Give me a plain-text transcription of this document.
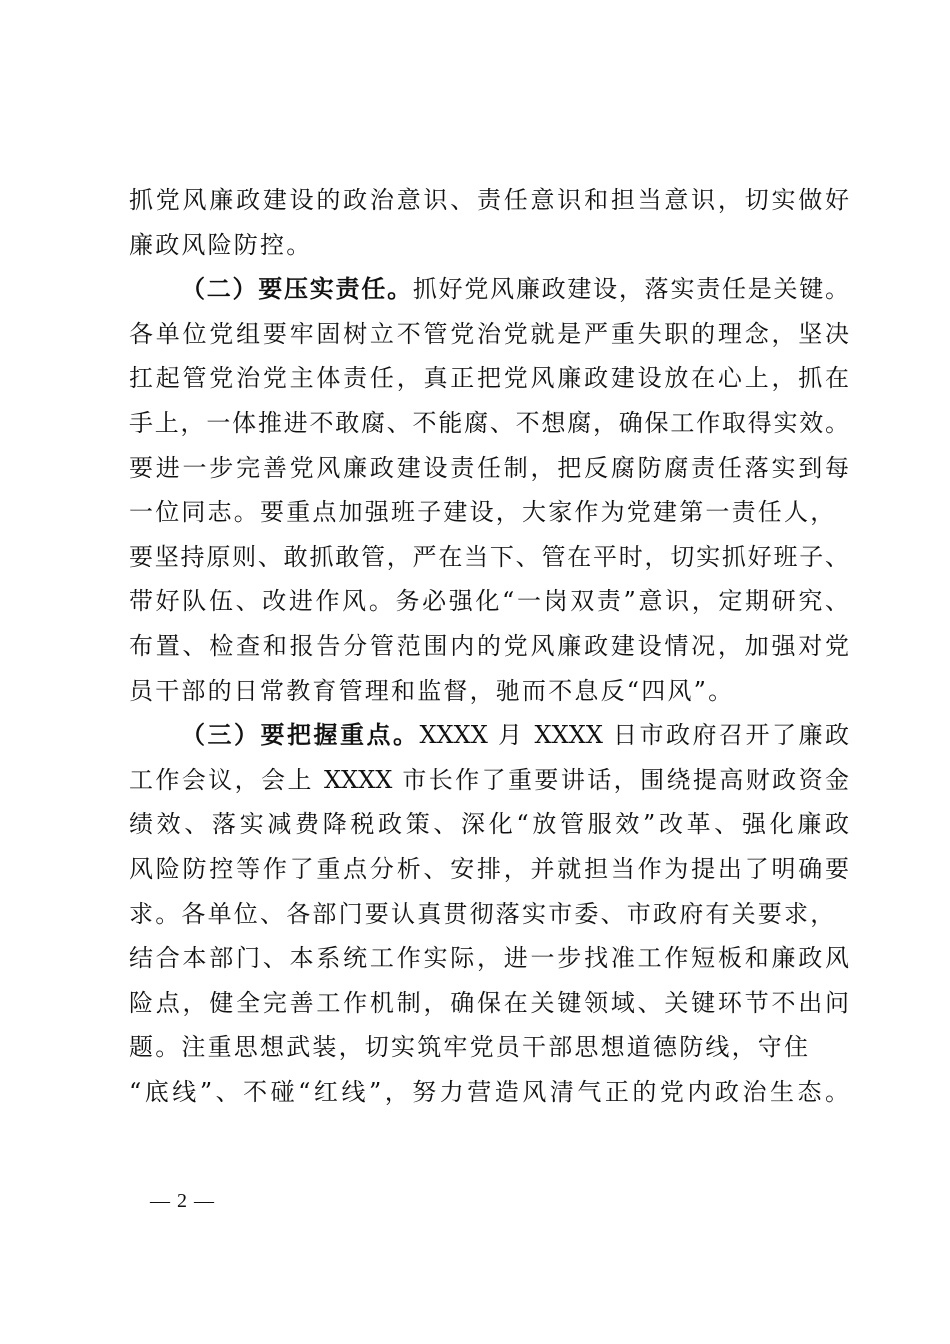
抓党风廉政建设的政治意识、责任意识和担当意识，切实做好
廉政风险防控。
（二）要压实责任。抓好党风廉政建设，落实责任是关键。
各单位党组要牢固树立不管党治党就是严重失职的理念，坚决
扛起管党治党主体责任，真正把党风廉政建设放在心上，抓在
手上，一体推进不敢腐、不能腐、不想腐，确保工作取得实效。
要进一步完善党风廉政建设责任制，把反腐防腐责任落实到每
一位同志。要重点加强班子建设，大家作为党建第一责任人，
要坚持原则、敢抓敢管，严在当下、管在平时，切实抓好班子、
带好队伍、改进作风。务必强化“一岗双责”意识，定期研究、
布置、检查和报告分管范围内的党风廉政建设情况，加强对党
员干部的日常教育管理和监督，驰而不息反“四风”。
（三）要把握重点。XXXX 月 XXXX 日市政府召开了廉政
工作会议，会上 XXXX 市长作了重要讲话，围绕提高财政资金
绩效、落实减费降税政策、深化“放管服效”改革、强化廉政
风险防控等作了重点分析、安排，并就担当作为提出了明确要
求。各单位、各部门要认真贯彻落实市委、市政府有关要求，
结合本部门、本系统工作实际，进一步找准工作短板和廉政风
险点，健全完善工作机制，确保在关键领域、关键环节不出问
题。注重思想武装，切实筑牢党员干部思想道德防线，守住
“底线”、不碰“红线”，努力营造风清气正的党内政治生态。
— 2 —
